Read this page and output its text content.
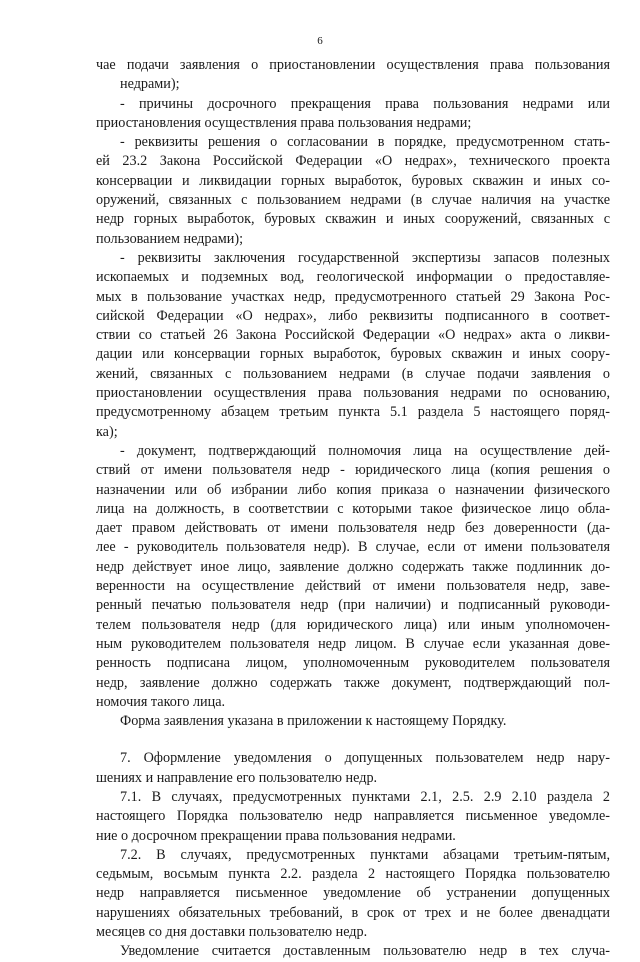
6
чае подачи заявления о приостановлении осуществления права пользования
недрами);
- причины досрочного прекращения права пользования недрами или
приостановления осуществления права пользования недрами;
- реквизиты решения о согласовании в порядке, предусмотренном стать-
ей 23.2 Закона Российской Федерации «О недрах», технического проекта
консервации и ликвидации горных выработок, буровых скважин и иных со-
оружений, связанных с пользованием недрами (в случае наличия на участке
недр горных выработок, буровых скважин и иных сооружений, связанных с
пользованием недрами);
- реквизиты заключения государственной экспертизы запасов полезных
ископаемых и подземных вод, геологической информации о предоставляе-
мых в пользование участках недр, предусмотренного статьей 29 Закона Рос-
сийской Федерации «О недрах», либо реквизиты подписанного в соответ-
ствии со статьей 26 Закона Российской Федерации «О недрах» акта о ликви-
дации или консервации горных выработок, буровых скважин и иных соору-
жений, связанных с пользованием недрами (в случае подачи заявления о
приостановлении осуществления права пользования недрами по основанию,
предусмотренному абзацем третьим пункта 5.1 раздела 5 настоящего поряд-
ка);
- документ, подтверждающий полномочия лица на осуществление дей-
ствий от имени пользователя недр - юридического лица (копия решения о
назначении или об избрании либо копия приказа о назначении физического
лица на должность, в соответствии с которыми такое физическое лицо обла-
дает правом действовать от имени пользователя недр без доверенности (да-
лее - руководитель пользователя недр). В случае, если от имени пользователя
недр действует иное лицо, заявление должно содержать также подлинник до-
веренности на осуществление действий от имени пользователя недр, заве-
ренный печатью пользователя недр (при наличии) и подписанный руководи-
телем пользователя недр (для юридического лица) или иным уполномочен-
ным руководителем пользователя недр лицом. В случае если указанная дове-
ренность подписана лицом, уполномоченным руководителем пользователя
недр, заявление должно содержать также документ, подтверждающий пол-
номочия такого лица.
Форма заявления указана в приложении к настоящему Порядку.
7. Оформление уведомления о допущенных пользователем недр нару-
шениях и направление его пользователю недр.
7.1. В случаях, предусмотренных пунктами 2.1, 2.5. 2.9 2.10 раздела 2
настоящего Порядка пользователю недр направляется письменное уведомле-
ние о досрочном прекращении права пользования недрами.
7.2. В случаях, предусмотренных пунктами абзацами третьим-пятым,
седьмым, восьмым пункта 2.2. раздела 2 настоящего Порядка пользователю
недр направляется письменное уведомление об устранении допущенных
нарушениях обязательных требований, в срок от трех и не более двенадцати
месяцев со дня доставки пользователю недр.
Уведомление считается доставленным пользователю недр в тех случа-
